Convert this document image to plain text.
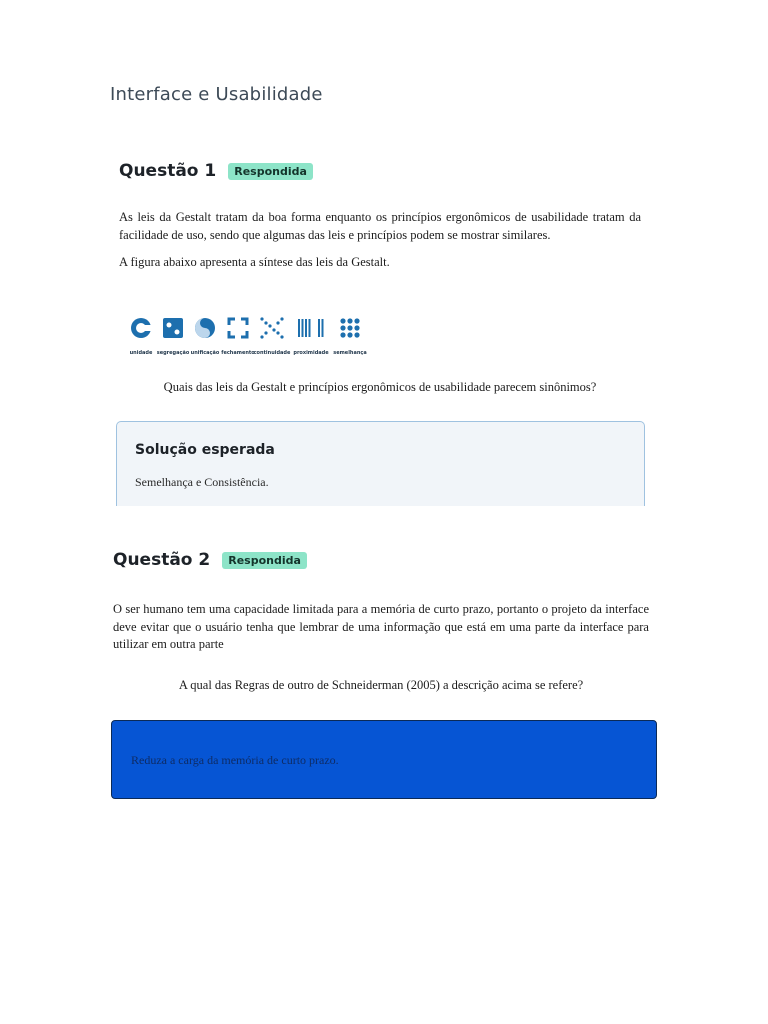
Interface e Usabilidade
Questão 1	Respondida
As leis da Gestalt tratam da boa forma enquanto os princípios ergonômicos de usabilidade tratam da facilidade de uso, sendo que algumas das leis e princípios podem se mostrar similares.
A figura abaixo apresenta a síntese das leis da Gestalt.
unidade segregação unificação fechamento
continuidade proximidade semelhança
Quais das leis da Gestalt e princípios ergonômicos de usabilidade parecem sinônimos?
Solução esperada
Semelhança e Consistência.
Questão 2	Respondida
O ser humano tem uma capacidade limitada para a memória de curto prazo, portanto o projeto da interface deve evitar que o usuário tenha que lembrar de uma informação que está em uma parte da interface para utilizar em outra parte
A qual das Regras de outro de Schneiderman (2005) a descrição acima se refere?
Reduza a carga da memória de curto prazo.
